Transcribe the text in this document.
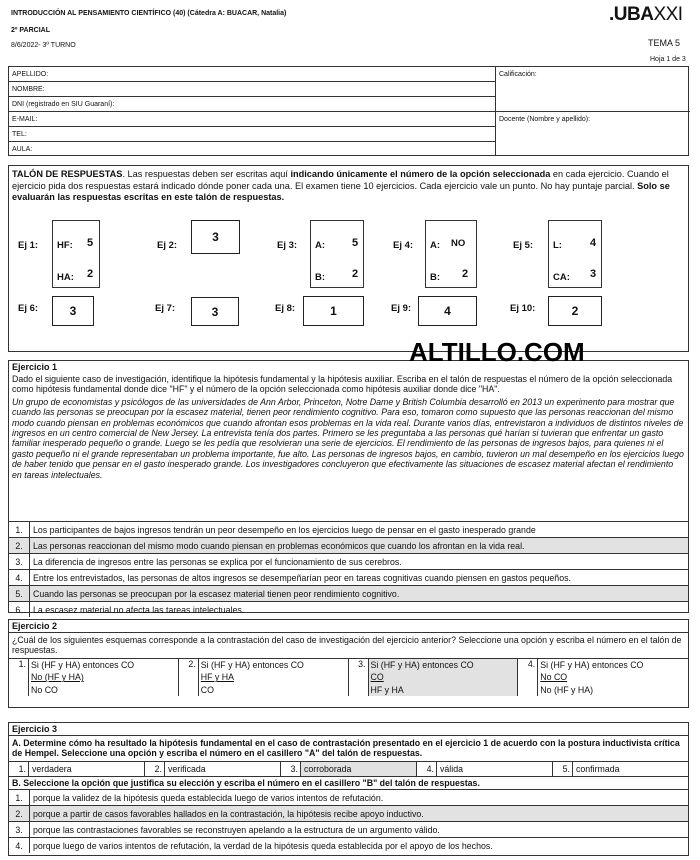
INTRODUCCIÓN AL PENSAMIENTO CIENTÍFICO (40) (Cátedra A: BUACAR, Natalia)
2º PARCIAL
8/6/2022- 3º TURNO
.UBAXXI
TEMA 5
Hoja 1 de 3
APELLIDO:
NOMBRE:
DNI (registrado en SIU Guaraní):
E-MAIL:
TEL:
AULA:
Calificación:
Docente (Nombre y apellido):
TALÓN DE RESPUESTAS. Las respuestas deben ser escritas aquí indicando únicamente el número de la opción seleccionada en cada ejercicio. Cuando el ejercicio pida dos respuestas estará indicado dónde poner cada una. El examen tiene 10 ejercicios. Cada ejercicio vale un punto. No hay puntaje parcial. Solo se evaluarán las respuestas escritas en este talón de respuestas.
Ej 1: HF: 5
HA: 2
Ej 2:
3
Ej 3: A: 5
B: 2
Ej 4: A: NO
B: 2
Ej 5: L:	4
CA: 3
Ej 6:	3	Ej 7:	3	Ej 8:	1	Ej 9:	4	Ej 10:	2
Ejercicio 1
Dado el siguiente caso de investigación, identifique la hipótesis fundamental y la hipótesis auxiliar. Escriba en el talón de respuestas el número de la opción seleccionada como hipótesis fundamental donde dice "HF" y el número de la opción seleccionada como hipótesis auxiliar donde dice "HA".
Un grupo de economistas y psicólogos de las universidades de Ann Arbor, Princeton, Notre Dame y British Columbia desarrolló en 2013 un experimento para mostrar que cuando las personas se preocupan por la escasez material, tienen peor rendimiento cognitivo. Para eso, tomaron como supuesto que las personas reaccionan del mismo modo cuando piensan en problemas económicos que cuando afrontan esos problemas en la vida real. Durante varios días, entrevistaron a individuos de distintos niveles de ingresos en un centro comercial de New Jersey. La entrevista tenía dos partes. Primero se les preguntaba a las personas qué harían si tuvieran que enfrentar un gasto familiar inesperado pequeño o grande. Luego se les pedía que resolvieran una serie de ejercicios. El rendimiento de las personas de ingresos bajos, para quienes ni el gasto pequeño ni el grande representaban un problema importante, fue alto. Las personas de ingresos bajos, en cambio, tuvieron un mal desempeño en los ejercicios luego de haber tenido que pensar en el gasto inesperado grande. Los investigadores concluyeron que efectivamente las situaciones de escasez material afectan el rendimiento en tareas intelectuales.
1.	Los participantes de bajos ingresos tendrán un peor desempeño en los ejercicios luego de pensar en el gasto inesperado grande
2.	Las personas reaccionan del mismo modo cuando piensan en problemas económicos que cuando los afrontan en la vida real.
3.	La diferencia de ingresos entre las personas se explica por el funcionamiento de sus cerebros.
4.	Entre los entrevistados, las personas de altos ingresos se desempeñarían peor en tareas cognitivas cuando piensen en gastos pequeños.
5.	Cuando las personas se preocupan por la escasez material tienen peor rendimiento cognitivo.
6.	La escasez material no afecta las tareas intelectuales.
ALTILLO.COM
Ejercicio 2
¿Cuál de los siguientes esquemas corresponde a la contrastación del caso de investigación del ejercicio anterior? Seleccione una opción y escriba el número en el talón de respuestas.
1. Si (HF y HA) entonces CO
No (HF y HA)
No CO
2. Si (HF y HA) entonces CO
HF y HA
CO
3. Si (HF y HA) entonces CO
CO
HF y HA
4. Si (HF y HA) entonces CO
No CO
No (HF y HA)
Ejercicio 3
A. Determine cómo ha resultado la hipótesis fundamental en el caso de contrastación presentado en el ejercicio 1 de acuerdo con la postura inductivista crítica de Hempel. Seleccione una opción y escriba el número en el casillero "A" del talón de respuestas.
1. verdadera	2. verificada	3. corroborada	4. válida	5. confirmada
B. Seleccione la opción que justifica su elección y escriba el número en el casillero "B" del talón de respuestas.
1.	porque la validez de la hipótesis queda establecida luego de varios intentos de refutación.
2.	porque a partir de casos favorables hallados en la contrastación, la hipótesis recibe apoyo inductivo.
3.	porque las contrastaciones favorables se reconstruyen apelando a la estructura de un argumento válido.
4.	porque luego de varios intentos de refutación, la verdad de la hipótesis queda establecida por el apoyo de los hechos.
